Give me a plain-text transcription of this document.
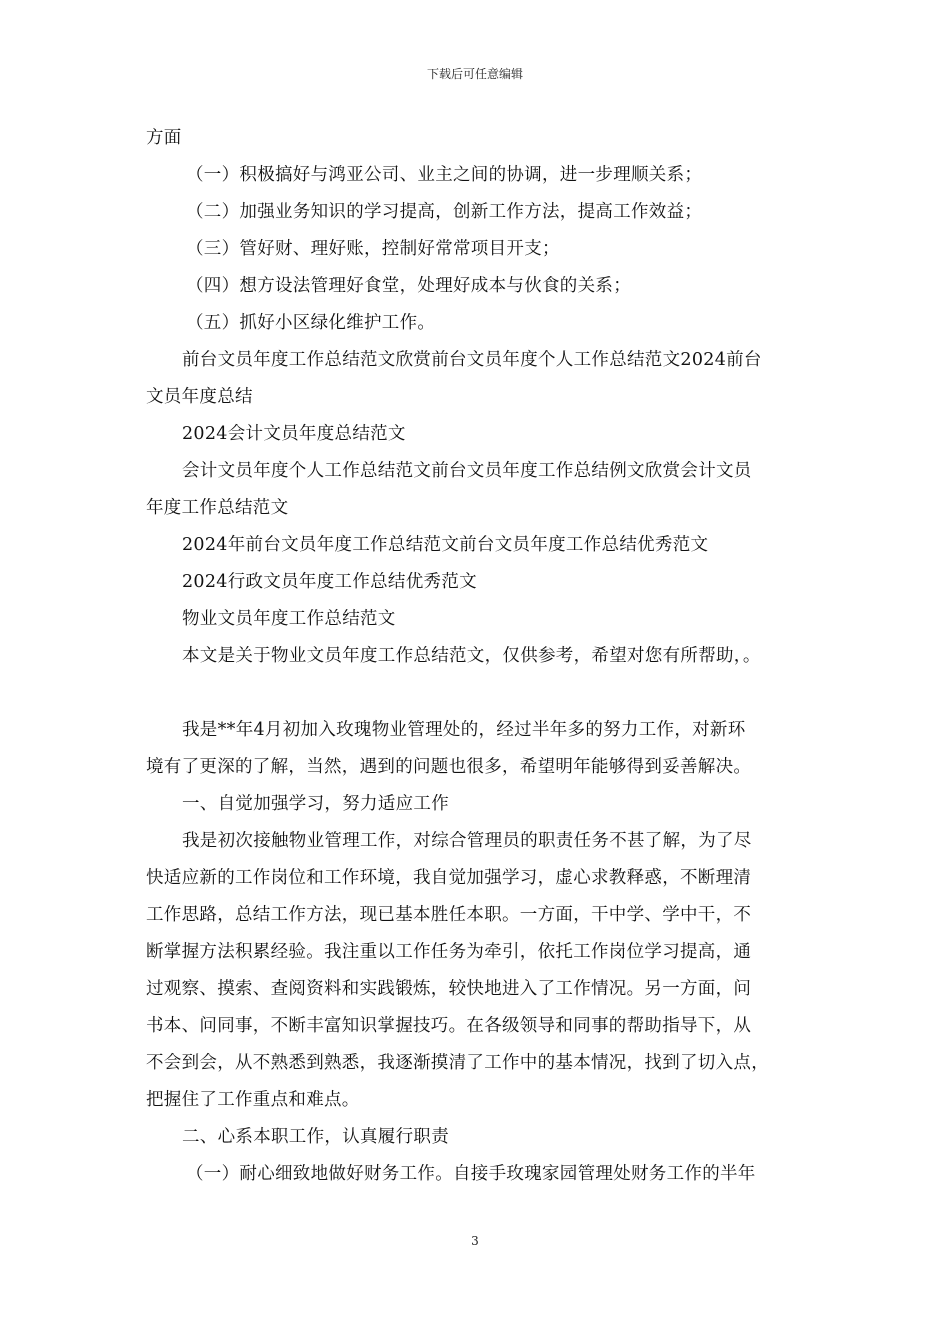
下载后可任意编辑
方面
（一）积极搞好与鸿亚公司、业主之间的协调，进一步理顺关系；
（二）加强业务知识的学习提高，创新工作方法，提高工作效益；
（三）管好财、理好账，控制好常常项目开支；
（四）想方设法管理好食堂，处理好成本与伙食的关系；
（五）抓好小区绿化维护工作。
前台文员年度工作总结范文欣赏前台文员年度个人工作总结范文2024前台
文员年度总结
2024会计文员年度总结范文
会计文员年度个人工作总结范文前台文员年度工作总结例文欣赏会计文员
年度工作总结范文
2024年前台文员年度工作总结范文前台文员年度工作总结优秀范文
2024行政文员年度工作总结优秀范文
物业文员年度工作总结范文
本文是关于物业文员年度工作总结范文，仅供参考，希望对您有所帮助，。
我是**年4月初加入玫瑰物业管理处的，经过半年多的努力工作，对新环
境有了更深的了解，当然，遇到的问题也很多，希望明年能够得到妥善解决。
一、自觉加强学习，努力适应工作
我是初次接触物业管理工作，对综合管理员的职责任务不甚了解，为了尽
快适应新的工作岗位和工作环境，我自觉加强学习，虚心求教释惑，不断理清
工作思路，总结工作方法，现已基本胜任本职。一方面，干中学、学中干，不
断掌握方法积累经验。我注重以工作任务为牵引，依托工作岗位学习提高，通
过观察、摸索、查阅资料和实践锻炼，较快地进入了工作情况。另一方面，问
书本、问同事，不断丰富知识掌握技巧。在各级领导和同事的帮助指导下，从
不会到会，从不熟悉到熟悉，我逐渐摸清了工作中的基本情况，找到了切入点，
把握住了工作重点和难点。
二、心系本职工作，认真履行职责
（一）耐心细致地做好财务工作。自接手玫瑰家园管理处财务工作的半年
3
